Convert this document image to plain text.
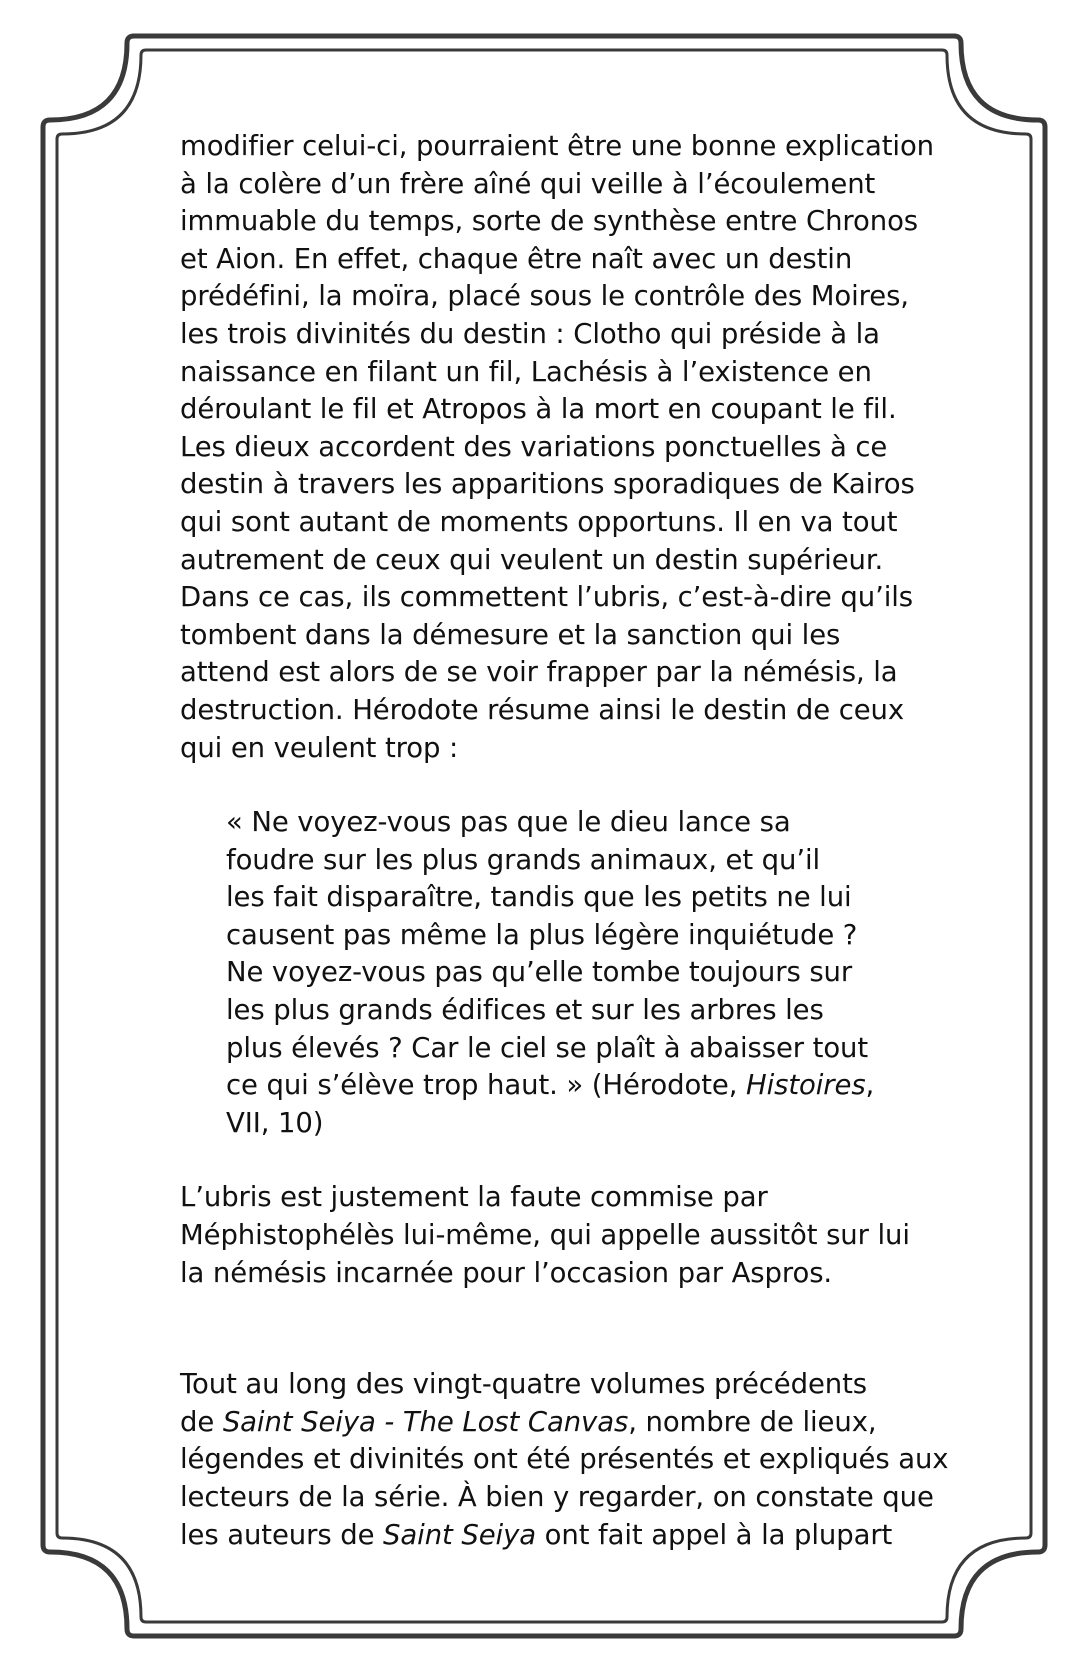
modifier celui-ci, pourraient être une bonne explication
à la colère d’un frère aîné qui veille à l’écoulement
immuable du temps, sorte de synthèse entre Chronos
et Aion. En effet, chaque être naît avec un destin
prédéfini, la moïra, placé sous le contrôle des Moires,
les trois divinités du destin : Clotho qui préside à la
naissance en filant un fil, Lachésis à l’existence en
déroulant le fil et Atropos à la mort en coupant le fil.
Les dieux accordent des variations ponctuelles à ce
destin à travers les apparitions sporadiques de Kairos
qui sont autant de moments opportuns. Il en va tout
autrement de ceux qui veulent un destin supérieur.
Dans ce cas, ils commettent l’ubris, c’est-à-dire qu’ils
tombent dans la démesure et la sanction qui les
attend est alors de se voir frapper par la némésis, la
destruction. Hérodote résume ainsi le destin de ceux
qui en veulent trop :
« Ne voyez-vous pas que le dieu lance sa
foudre sur les plus grands animaux, et qu’il
les fait disparaître, tandis que les petits ne lui
causent pas même la plus légère inquiétude ?
Ne voyez-vous pas qu’elle tombe toujours sur
les plus grands édifices et sur les arbres les
plus élevés ? Car le ciel se plaît à abaisser tout
ce qui s’élève trop haut. » (Hérodote, Histoires,
VII, 10)
L’ubris est justement la faute commise par
Méphistophélès lui-même, qui appelle aussitôt sur lui
la némésis incarnée pour l’occasion par Aspros.
Tout au long des vingt-quatre volumes précédents
de Saint Seiya - The Lost Canvas, nombre de lieux,
légendes et divinités ont été présentés et expliqués aux
lecteurs de la série. À bien y regarder, on constate que
les auteurs de Saint Seiya ont fait appel à la plupart
